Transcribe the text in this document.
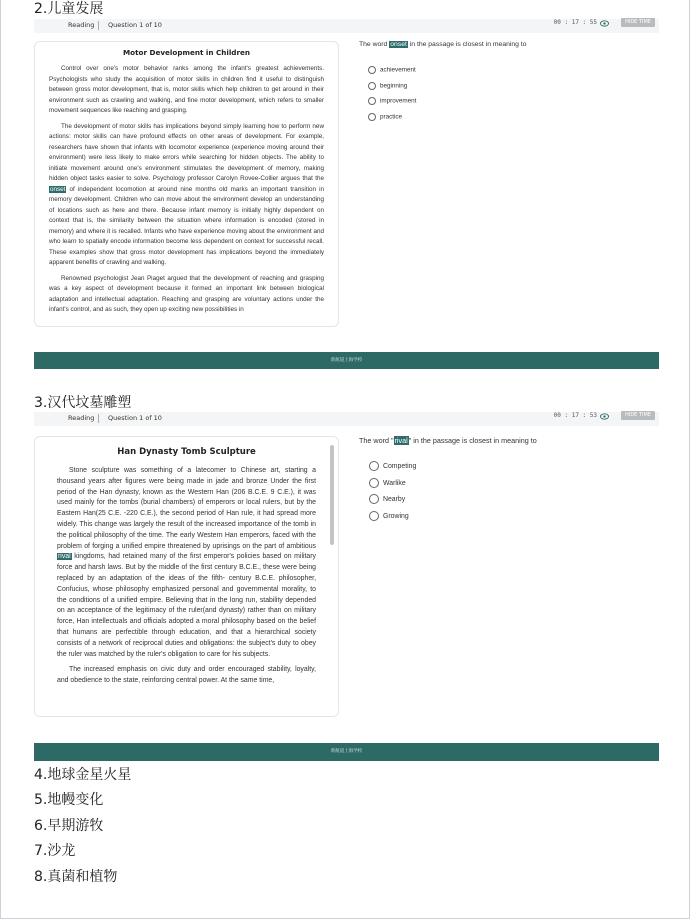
2.儿童发展
Reading Question 1 of 10	00 : 17 : 55	HIDE TIME
Motor Development in Children

Control over one's motor behavior ranks among the infant's greatest achievements. Psychologists who study the acquisition of motor skills in children find it useful to distinguish between gross motor development, that is, motor skills which help children to get around in their environment such as crawling and walking, and fine motor development, which refers to smaller movement sequences like reaching and grasping.

The development of motor skills has implications beyond simply learning how to perform new actions: motor skills can have profound effects on other areas of development. For example, researchers have shown that infants with locomotor experience (experience moving around their environment) were less likely to make errors while searching for hidden objects. The ability to initiate movement around one's environment stimulates the development of memory, making hidden object tasks easier to solve. Psychology professor Carolyn Rovee-Collier argues that the onset of independent locomotion at around nine months old marks an important transition in memory development. Children who can move about the environment develop an understanding of locations such as here and there. Because infant memory is initially highly dependent on context that is, the similarity between the situation where information is encoded (stored in memory) and where it is recalled. Infants who have experience moving about the environment and who learn to spatially encode information become less dependent on context for successful recall. These examples show that gross motor development has implications beyond the immediately apparent benefits of crawling and walking.

Renowned psychologist Jean Piaget argued that the development of reaching and grasping was a key aspect of development because it formed an important link between biological adaptation and intellectual adaptation. Reaching and grasping are voluntary actions under the infant's control, and as such, they open up exciting new possibilities in

The word onset in the passage is closest in meaning to
achievement
beginning
improvement
practice
新航道上海学校
3.汉代坟墓雕塑
Reading Question 1 of 10	00 : 17 : 53	HIDE TIME
Han Dynasty Tomb Sculpture

Stone sculpture was something of a latecomer to Chinese art, starting a thousand years after figures were being made in jade and bronze Under the first period of the Han dynasty, known as the Western Han (206 B.C.E. 9 C.E.), it was used mainly for the tombs (burial chambers) of emperors or local rulers, but by the Eastern Han(25 C.E. -220 C.E.), the second period of Han rule, it had spread more widely. This change was largely the result of the increased importance of the tomb in the political philosophy of the time. The early Western Han emperors, faced with the problem of forging a unified empire threatened by uprisings on the part of ambitious rival kingdoms, had retained many of the first emperor's policies based on military force and harsh laws. But by the middle of the first century B.C.E., these were being replaced by an adaptation of the ideas of the fifth- century B.C.E. philosopher, Confucius, whose philosophy emphasized personal and governmental morality, to the conditions of a unified empire. Believing that in the long run, stability depended on an acceptance of the legitimacy of the ruler(and dynasty) rather than on military force, Han intellectuals and officials adopted a moral philosophy based on the belief that humans are perfectible through education, and that a hierarchical society consists of a network of reciprocal duties and obligations: the subject's duty to obey the ruler was matched by the ruler's obligation to care for his subjects.

The increased emphasis on civic duty and order encouraged stability, loyalty, and obedience to the state, reinforcing central power. At the same time,

The word "rival" in the passage is closest in meaning to
Competing
Warlike
Nearby
Growing
新航道上海学校
4.地球金星火星
5.地幔变化
6.早期游牧
7.沙龙
8.真菌和植物
